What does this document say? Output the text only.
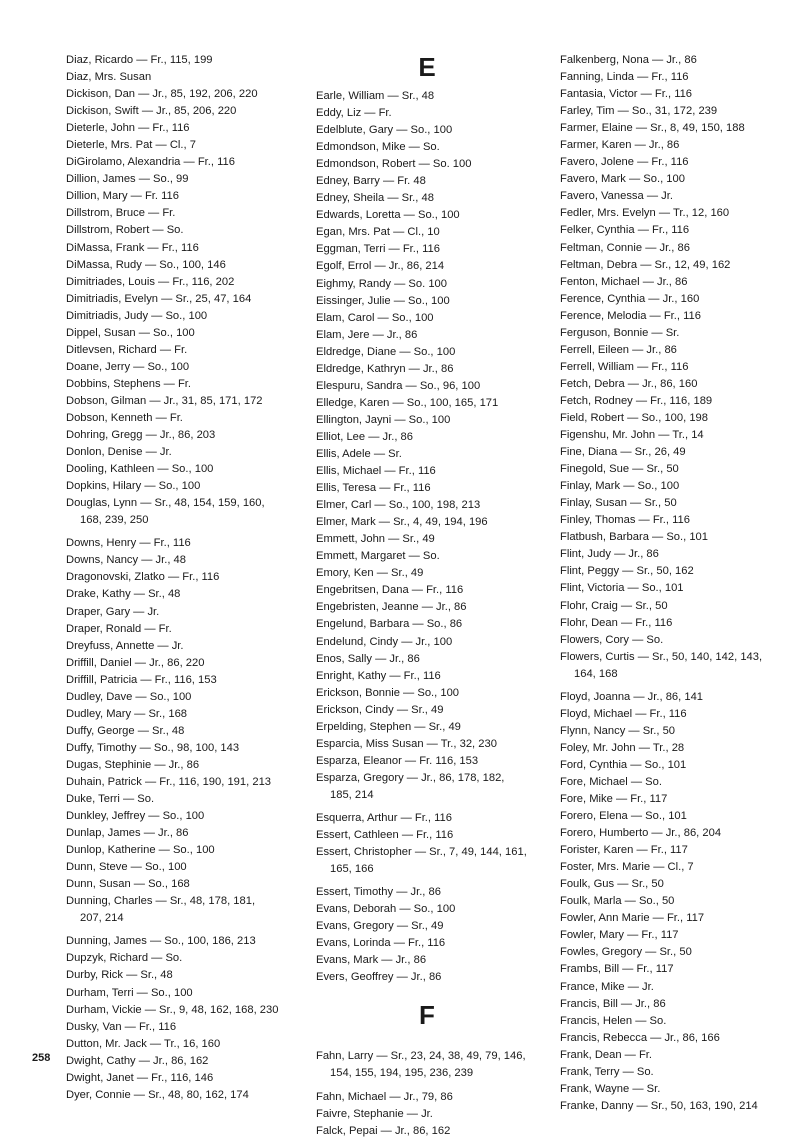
Diaz, Ricardo — Fr., 115, 199
Diaz, Mrs. Susan
Dickison, Dan — Jr., 85, 192, 206, 220
Dickison, Swift — Jr., 85, 206, 220
Dieterle, John — Fr., 116
Dieterle, Mrs. Pat — Cl., 7
DiGirolamo, Alexandria — Fr., 116
Dillion, James — So., 99
Dillion, Mary — Fr. 116
Dillstrom, Bruce — Fr.
Dillstrom, Robert — So.
DiMassa, Frank — Fr., 116
DiMassa, Rudy — So., 100, 146
Dimitriades, Louis — Fr., 116, 202
Dimitriadis, Evelyn — Sr., 25, 47, 164
Dimitriadis, Judy — So., 100
Dippel, Susan — So., 100
Ditlevsen, Richard — Fr.
Doane, Jerry — So., 100
Dobbins, Stephens — Fr.
Dobson, Gilman — Jr., 31, 85, 171, 172
Dobson, Kenneth — Fr.
Dohring, Gregg — Jr., 86, 203
Donlon, Denise — Jr.
Dooling, Kathleen — So., 100
Dopkins, Hilary — So., 100
Douglas, Lynn — Sr., 48, 154, 159, 160,
168, 239, 250
Downs, Henry — Fr., 116
Downs, Nancy — Jr., 48
Dragonovski, Zlatko — Fr., 116
Drake, Kathy — Sr., 48
Draper, Gary — Jr.
Draper, Ronald — Fr.
Dreyfuss, Annette — Jr.
Driffill, Daniel — Jr., 86, 220
Driffill, Patricia — Fr., 116, 153
Dudley, Dave — So., 100
Dudley, Mary — Sr., 168
Duffy, George — Sr., 48
Duffy, Timothy — So., 98, 100, 143
Dugas, Stephinie — Jr., 86
Duhain, Patrick — Fr., 116, 190, 191, 213
Duke, Terri — So.
Dunkley, Jeffrey — So., 100
Dunlap, James — Jr., 86
Dunlop, Katherine — So., 100
Dunn, Steve — So., 100
Dunn, Susan — So., 168
Dunning, Charles — Sr., 48, 178, 181,
207, 214
Dunning, James — So., 100, 186, 213
Dupzyk, Richard — So.
Durby, Rick — Sr., 48
Durham, Terri — So., 100
Durham, Vickie — Sr., 9, 48, 162, 168, 230
Dusky, Van — Fr., 116
Dutton, Mr. Jack — Tr., 16, 160
Dwight, Cathy — Jr., 86, 162
Dwight, Janet — Fr., 116, 146
Dyer, Connie — Sr., 48, 80, 162, 174
E
Earle, William — Sr., 48
Eddy, Liz — Fr.
Edelblute, Gary — So., 100
Edmondson, Mike — So.
Edmondson, Robert — So. 100
Edney, Barry — Fr. 48
Edney, Sheila — Sr., 48
Edwards, Loretta — So., 100
Egan, Mrs. Pat — Cl., 10
Eggman, Terri — Fr., 116
Egolf, Errol — Jr., 86, 214
Eighmy, Randy — So. 100
Eissinger, Julie — So., 100
Elam, Carol — So., 100
Elam, Jere — Jr., 86
Eldredge, Diane — So., 100
Eldredge, Kathryn — Jr., 86
Elespuru, Sandra — So., 96, 100
Elledge, Karen — So., 100, 165, 171
Ellington, Jayni — So., 100
Elliot, Lee — Jr., 86
Ellis, Adele — Sr.
Ellis, Michael — Fr., 116
Ellis, Teresa — Fr., 116
Elmer, Carl — So., 100, 198, 213
Elmer, Mark — Sr., 4, 49, 194, 196
Emmett, John — Sr., 49
Emmett, Margaret — So.
Emory, Ken — Sr., 49
Engebritsen, Dana — Fr., 116
Engebristen, Jeanne — Jr., 86
Engelund, Barbara — So., 86
Endelund, Cindy — Jr., 100
Enos, Sally — Jr., 86
Enright, Kathy — Fr., 116
Erickson, Bonnie — So., 100
Erickson, Cindy — Sr., 49
Erpelding, Stephen — Sr., 49
Esparcia, Miss Susan — Tr., 32, 230
Esparza, Eleanor — Fr. 116, 153
Esparza, Gregory — Jr., 86, 178, 182,
185, 214
Esquerra, Arthur — Fr., 116
Essert, Cathleen — Fr., 116
Essert, Christopher — Sr., 7, 49, 144, 161,
165, 166
Essert, Timothy — Jr., 86
Evans, Deborah — So., 100
Evans, Gregory — Sr., 49
Evans, Lorinda — Fr., 116
Evans, Mark — Jr., 86
Evers, Geoffrey — Jr., 86
F
Fahn, Larry — Sr., 23, 24, 38, 49, 79, 146,
154, 155, 194, 195, 236, 239
Fahn, Michael — Jr., 79, 86
Faivre, Stephanie — Jr.
Falck, Pepai — Jr., 86, 162
Falkenberg, Nona — Jr., 86
Fanning, Linda — Fr., 116
Fantasia, Victor — Fr., 116
Farley, Tim — So., 31, 172, 239
Farmer, Elaine — Sr., 8, 49, 150, 188
Farmer, Karen — Jr., 86
Favero, Jolene — Fr., 116
Favero, Mark — So., 100
Favero, Vanessa — Jr.
Fedler, Mrs. Evelyn — Tr., 12, 160
Felker, Cynthia — Fr., 116
Feltman, Connie — Jr., 86
Feltman, Debra — Sr., 12, 49, 162
Fenton, Michael — Jr., 86
Ference, Cynthia — Jr., 160
Ference, Melodia — Fr., 116
Ferguson, Bonnie — Sr.
Ferrell, Eileen — Jr., 86
Ferrell, William — Fr., 116
Fetch, Debra — Jr., 86, 160
Fetch, Rodney — Fr., 116, 189
Field, Robert — So., 100, 198
Figenshu, Mr. John — Tr., 14
Fine, Diana — Sr., 26, 49
Finegold, Sue — Sr., 50
Finlay, Mark — So., 100
Finlay, Susan — Sr., 50
Finley, Thomas — Fr., 116
Flatbush, Barbara — So., 101
Flint, Judy — Jr., 86
Flint, Peggy — Sr., 50, 162
Flint, Victoria — So., 101
Flohr, Craig — Sr., 50
Flohr, Dean — Fr., 116
Flowers, Cory — So.
Flowers, Curtis — Sr., 50, 140, 142, 143,
164, 168
Floyd, Joanna — Jr., 86, 141
Floyd, Michael — Fr., 116
Flynn, Nancy — Sr., 50
Foley, Mr. John — Tr., 28
Ford, Cynthia — So., 101
Fore, Michael — So.
Fore, Mike — Fr., 117
Forero, Elena — So., 101
Forero, Humberto — Jr., 86, 204
Forister, Karen — Fr., 117
Foster, Mrs. Marie — Cl., 7
Foulk, Gus — Sr., 50
Foulk, Marla — So., 50
Fowler, Ann Marie — Fr., 117
Fowler, Mary — Fr., 117
Fowles, Gregory — Sr., 50
Frambs, Bill — Fr., 117
France, Mike — Jr.
Francis, Bill — Jr., 86
Francis, Helen — So.
Francis, Rebecca — Jr., 86, 166
Frank, Dean — Fr.
Frank, Terry — So.
Frank, Wayne — Sr.
Franke, Danny — Sr., 50, 163, 190, 214
258
